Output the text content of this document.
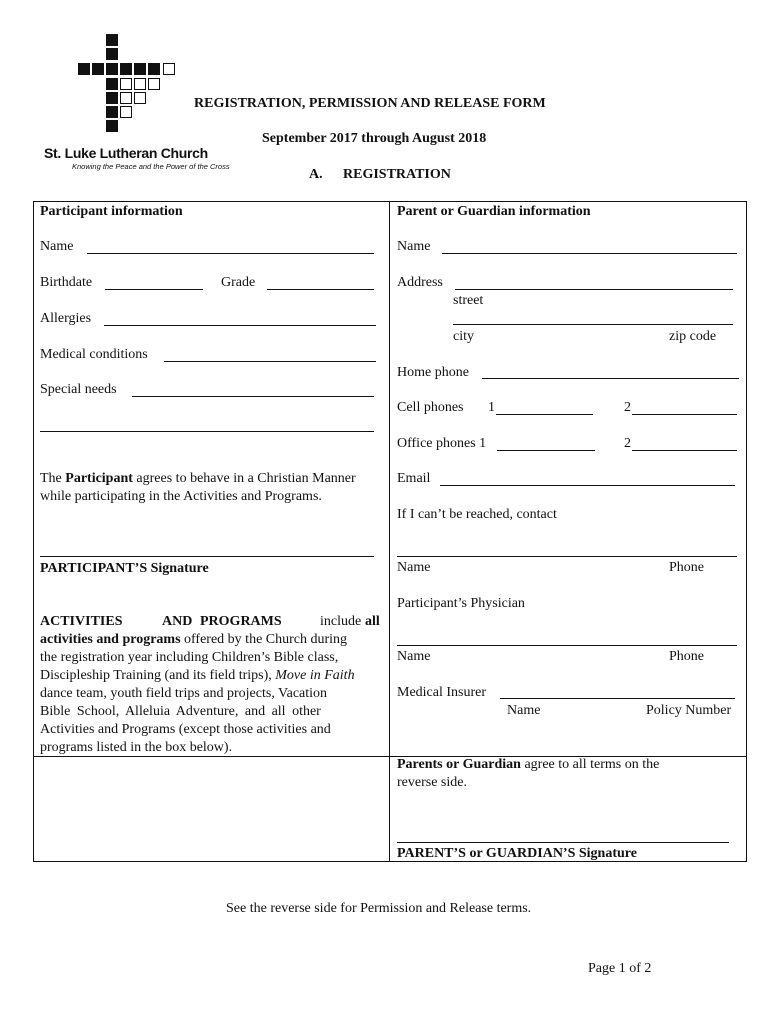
St. Luke Lutheran Church
Knowing the Peace and the Power of the Cross
REGISTRATION, PERMISSION AND RELEASE FORM
September 2017 through August 2018
A. REGISTRATION
Participant information
Name
Birthdate	Grade
Allergies
Medical conditions
Special needs
The Participant agrees to behave in a Christian Manner
while participating in the Activities and Programs.
PARTICIPANT’S Signature
ACTIVITIES	AND PROGRAMS	include all
activities and programs offered by the Church during
the registration year including Children’s Bible class,
Discipleship Training (and its field trips), Move in Faith
dance team, youth field trips and projects, Vacation
Bible School, Alleluia Adventure, and all other
Activities and Programs (except those activities and
programs listed in the box below).
Parent or Guardian information
Name
Address
street
city	zip code
Home phone
Cell phones 1	2
Office phones 1	2
Email
If I can’t be reached, contact
Name	Phone
Participant’s Physician
Name	Phone
Medical Insurer
Name	Policy Number
Parents or Guardian agree to all terms on the
reverse side.
PARENT’S or GUARDIAN’S Signature
See the reverse side for Permission and Release terms.
Page 1 of 2
